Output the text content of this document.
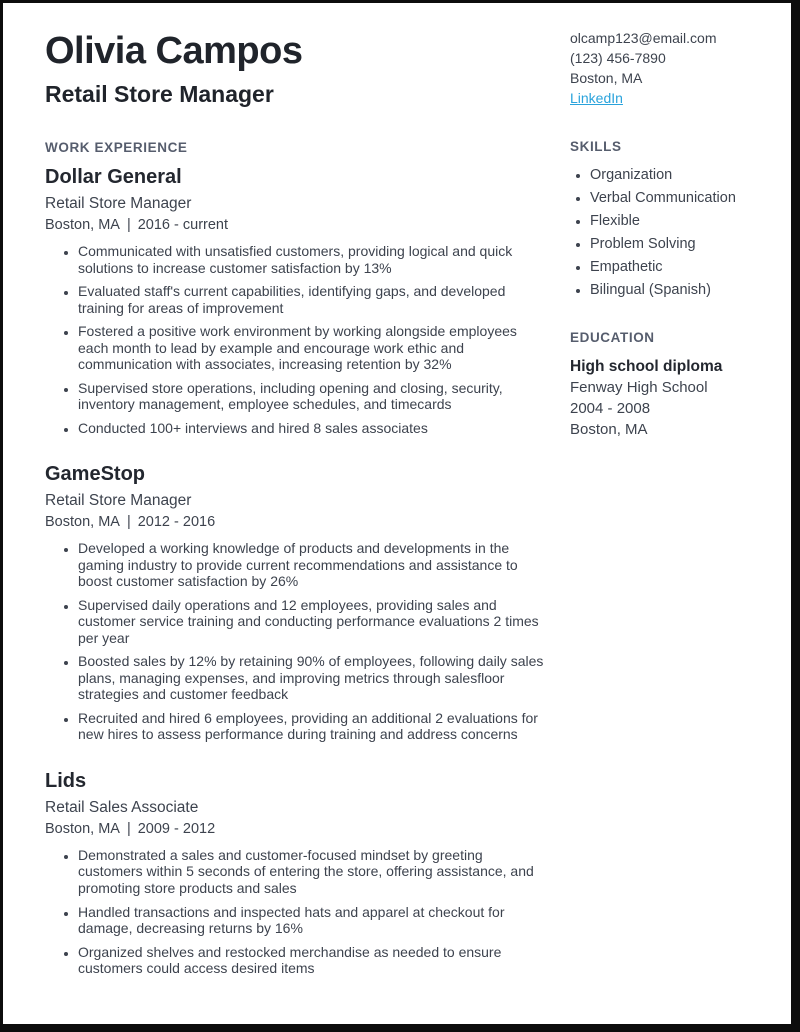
Olivia Campos
Retail Store Manager
WORK EXPERIENCE
Dollar General
Retail Store Manager
Boston, MA | 2016 - current
• Communicated with unsatisfied customers, providing logical and quick solutions to increase customer satisfaction by 13%
• Evaluated staff's current capabilities, identifying gaps, and developed training for areas of improvement
• Fostered a positive work environment by working alongside employees each month to lead by example and encourage work ethic and communication with associates, increasing retention by 32%
• Supervised store operations, including opening and closing, security, inventory management, employee schedules, and timecards
• Conducted 100+ interviews and hired 8 sales associates
GameStop
Retail Store Manager
Boston, MA | 2012 - 2016
• Developed a working knowledge of products and developments in the gaming industry to provide current recommendations and assistance to boost customer satisfaction by 26%
• Supervised daily operations and 12 employees, providing sales and customer service training and conducting performance evaluations 2 times per year
• Boosted sales by 12% by retaining 90% of employees, following daily sales plans, managing expenses, and improving metrics through salesfloor strategies and customer feedback
• Recruited and hired 6 employees, providing an additional 2 evaluations for new hires to assess performance during training and address concerns
Lids
Retail Sales Associate
Boston, MA | 2009 - 2012
• Demonstrated a sales and customer-focused mindset by greeting customers within 5 seconds of entering the store, offering assistance, and promoting store products and sales
• Handled transactions and inspected hats and apparel at checkout for damage, decreasing returns by 16%
• Organized shelves and restocked merchandise as needed to ensure customers could access desired items
olcamp123@email.com
(123) 456-7890
Boston, MA
LinkedIn
SKILLS
• Organization
• Verbal Communication
• Flexible
• Problem Solving
• Empathetic
• Bilingual (Spanish)
EDUCATION
High school diploma
Fenway High School
2004 - 2008
Boston, MA
